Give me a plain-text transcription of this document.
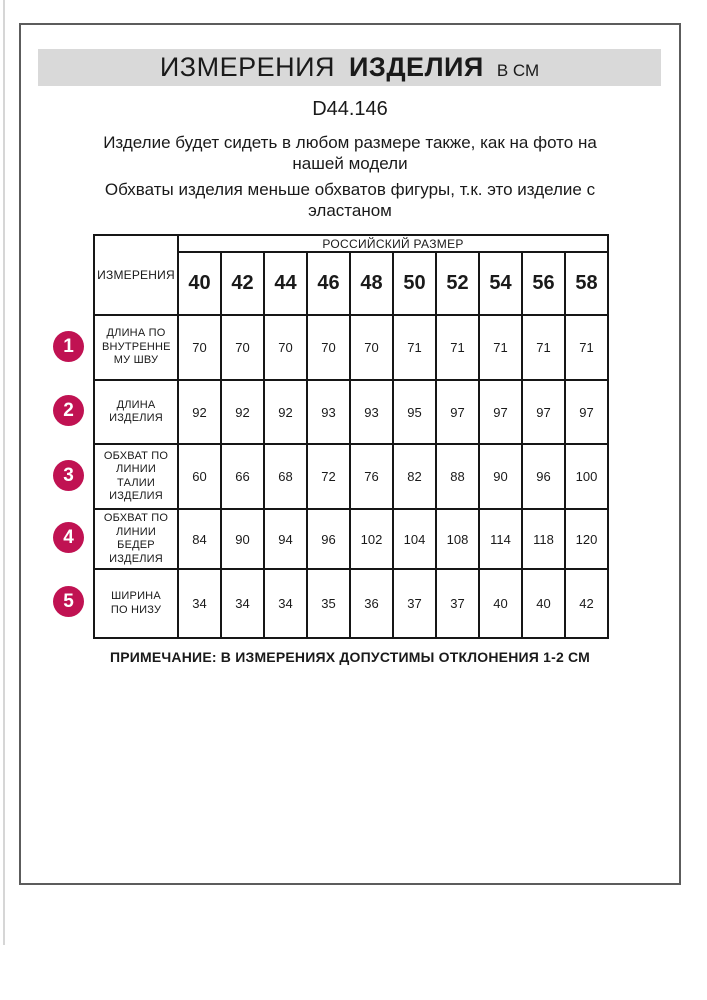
ИЗМЕРЕНИЯ ИЗДЕЛИЯ В СМ
D44.146
Изделие будет сидеть в любом размере также, как на фото на нашей модели
Обхваты изделия меньше обхватов фигуры, т.к. это изделие с эластаном
ИЗМЕРЕНИЯ	РОССИЙСКИЙ РАЗМЕР									
	40	42	44	46	48	50	52	54	56	58
ДЛИНА ПО ВНУТРЕННЕ МУ ШВУ	70	70	70	70	70	71	71	71	71	71
ДЛИНА ИЗДЕЛИЯ	92	92	92	93	93	95	97	97	97	97
ОБХВАТ ПО ЛИНИИ ТАЛИИ ИЗДЕЛИЯ	60	66	68	72	76	82	88	90	96	100
ОБХВАТ ПО ЛИНИИ БЕДЕР ИЗДЕЛИЯ	84	90	94	96	102	104	108	114	118	120
ШИРИНА ПО НИЗУ	34	34	34	35	36	37	37	40	40	42
1
2
3
4
5
ПРИМЕЧАНИЕ: В ИЗМЕРЕНИЯХ ДОПУСТИМЫ ОТКЛОНЕНИЯ 1-2 СМ
